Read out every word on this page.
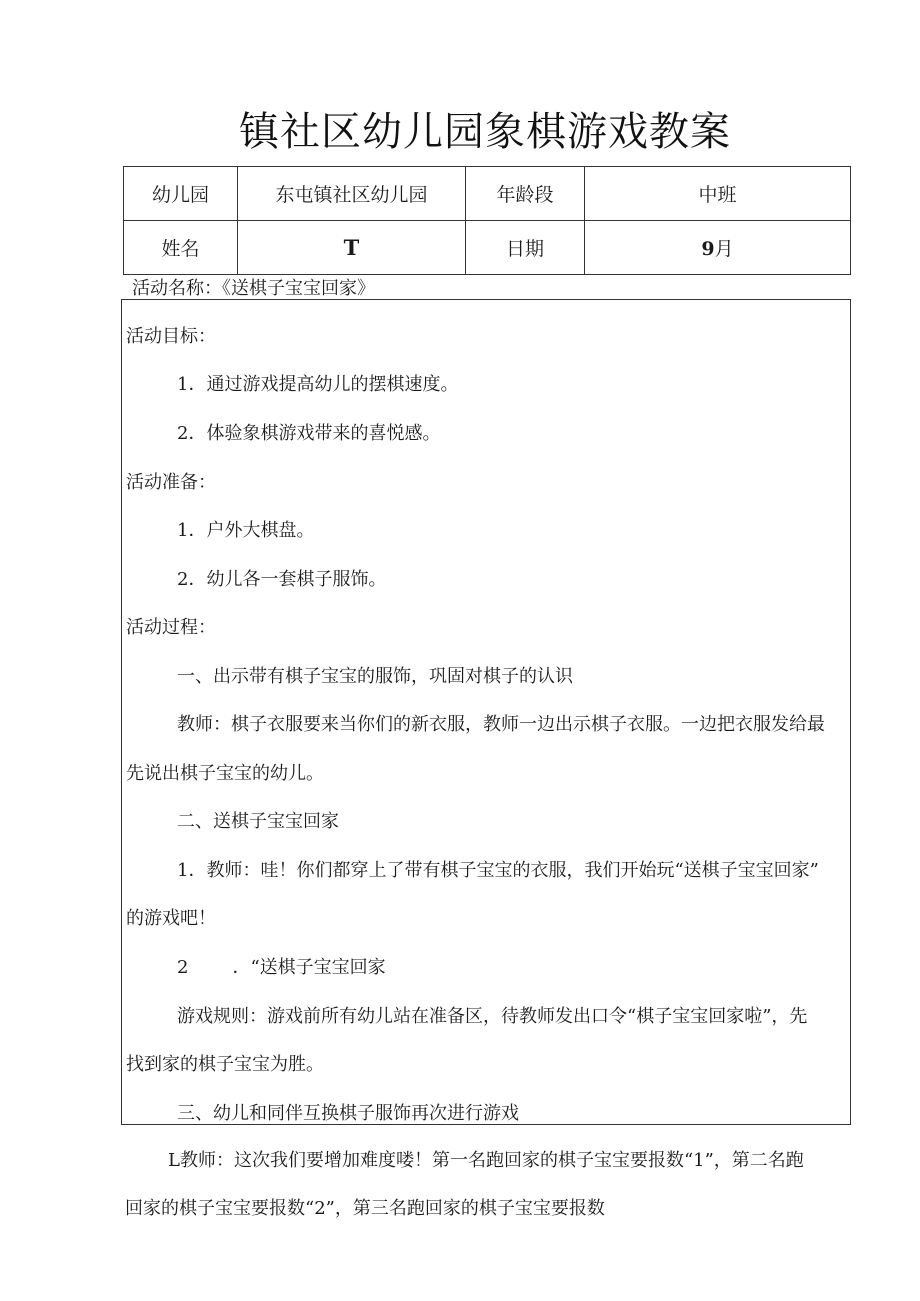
镇社区幼儿园象棋游戏教案
幼儿园	东屯镇社区幼儿园	年龄段	中班
姓名	T	日期	9月
活动名称：《送棋子宝宝回家》
活动目标：
1．通过游戏提高幼儿的摆棋速度。
2．体验象棋游戏带来的喜悦感。
活动准备：
1．户外大棋盘。
2．幼儿各一套棋子服饰。
活动过程：
一、出示带有棋子宝宝的服饰，巩固对棋子的认识
教师：棋子衣服要来当你们的新衣服，教师一边出示棋子衣服。一边把衣服发给最
先说出棋子宝宝的幼儿。
二、送棋子宝宝回家
1．教师：哇！你们都穿上了带有棋子宝宝的衣服，我们开始玩“送棋子宝宝回家”
的游戏吧！
2 ．“送棋子宝宝回家
游戏规则：游戏前所有幼儿站在准备区，待教师发出口令“棋子宝宝回家啦”，先
找到家的棋子宝宝为胜。
三、幼儿和同伴互换棋子服饰再次进行游戏
L教师：这次我们要增加难度喽！第一名跑回家的棋子宝宝要报数“1”，第二名跑
回家的棋子宝宝要报数“2”，第三名跑回家的棋子宝宝要报数
